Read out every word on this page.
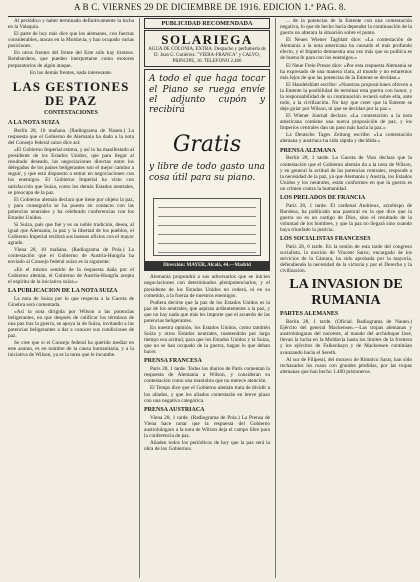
A B C. VIERNES 29 DE DICIEMBRE DE 1916. EDICION 1.ª PAG. 8.

Al periódico y haber terminado definitivamente la lucha en la Valaquia.

El parte de hoy más dice que los alemanes, con fuerzas considerables, atacan en la Moldavia, y han ocupado varias posiciones.

En otros frentes del frente del Este sólo hay tiroteos. Bombardeos, que pueden interpretarse como motores preparatorios de algún ataque.

En los demás frentes, nada interesante.

LAS GESTIONES DE PAZ
CONTESTACIONES
A LA NOTA SUIZA

Berlín 28, 10 mañana. (Radiograma de Nauen.) La respuesta que el Gobierno de Alemania ha dado a la nota del Consejo federal suizo dice así:

«El Gobierno Imperial estima, y así lo ha manifestado al presidente de los Estados Unidos, que para llegar al resultado deseado, las negociaciones directas entre los delegados de los países beligerantes son el mejor camino a seguir, y que está dispuesto a entrar en negociaciones con los enemigos. El Gobierno Imperial ha visto con satisfacción que Suiza, como los demás Estados neutrales, se preocupa de la paz.

El Gobierno alemán declara que tiene por objeto la paz, y para conseguirla se ha puesto en contacto con las potencias neutrales y ha celebrado conferencias con los Estados Unidos.

Si Suiza, país que fué y es su noble tradición, desea, al igual que Alemania, la paz y la libertad de los pueblos, el Gobierno Imperial recibirá sus buenos oficios con el mayor agrado.

Viena 28, 10 mañana. (Radiograma de Pola.) La contestación que el Gobierno de Austria-Hungría ha enviado al Consejo federal suizo es la siguiente:

«En el mismo sentido de la respuesta dada por el Gobierno alemán, el Gobierno de Austria-Hungría acepta el espíritu de la iniciativa suiza.»

LA PUBLICACION DE LA NOTA SUIZA

La nota de Suiza por lo que respecta a la Gaceta de Ginebra será comentada.

«Así la nota dirigida por Wilson a las potencias beligerantes, en que después de calificar los términos de una paz tras la guerra, se apoya la de Suiza, invitando a las potencias beligerantes a dar a conocer sus condiciones de paz.

Se cree que si el Consejo federal ha querido mediar en este asunto, es en nombre de la causa humanitaria, y a la iniciativa de Wilson, ya es la tarea que le incumbe.

PUBLICIDAD RECOMENDADA
SOLARIEGA
AGUA DE COLONIA, EXTRA. Despacho y perfumería de D. Juan G. Gutiérrez. "VIERA-FRANCA" y CALVO, PRINCIPE, 16. TELEFONO 2.466
A todo el que haga tocar el Piano se ruega envíe el adjunto cupón y recibirá
Gratis
y libre de todo gasto una cosa útil para su piano.
Dirección: MAYER, Alcalá, 44.—Madrid

Alemania propondrá a sus adversarios que se inicien negociaciones con determinados plenipotenciarios, y el presidente de los Estados Unidos no cederá, ni en su cometido, a la fuerza de nuestros enemigos.

Pudiera decirse que la paz de los Estados Unidos es la paz de los neutrales, que aspiran ardientemente a la paz, y que no hay nada que más les importe que el acuerdo de las potencias beligerantes.

En nuestra opinión, los Estados Unidos, como también Suiza y otros Estados neutrales, mantendrán por largo tiempo esa actitud, para que los Estados Unidos y la Suiza, que no se han ocupado de la guerra, hagan lo que deban hacer.

PRENSA FRANCESA

París 28, 1 tarde. Todos los diarios de París comentan la respuesta de Alemania a Wilson, y consideran su contestación como una maniobra que no merece atención.

El Temps dice que el Gobierno alemán trata de dividir a los aliados, y que los aliados contestarán en breve plazo con una negativa categórica.

PRENSA AUSTRIACA

Viena 28, 1 tarde. (Radiograma de Pola.) La Prensa de Viena hace notar que la respuesta del Gobierno austrohúngaro a la nota de Wilson deja el campo libre para la conferencia de paz.

Añaden todos los periódicos de hoy que la paz será la obra de los Gobiernos.

... de la potencias de la Entente con una contestación negativa, lo que de hecho haría depender la continuación de la guerra no alterara la situación sobre el punto.

El Neues Wiener Tagblatt dice: «La contestación de Alemania a la nota americana ha causado el más profundo efecto, y el Imperio demuestra una vez más que su política es de buena fe para con los enemigos.»

El Neue Freie Presse dice: «Por esta respuesta Alemania se ha expresado de una manera clara, al mundo y no estaremos más lejos de que las potencias de la Entente se decidan.»

El Handelsblatt escribe: «Nuestras proposiciones ofrecen a la Entente la posibilidad de terminar esta guerra con honor, y la responsabilidad de su continuación recaerá sobre ella, ante todo, a la civilización. No hay que creer que la Entente se deje guiar por Wilson, ni que se decidan por la paz.»

El Wiener Journal declara: «La contestación a la nota americana contiene una nueva proposición de paz, y los Imperios centrales dan un paso más hacia la paz.»

La Deutsche Tages Zeitung escribe: «La contestación alemana y austriaca ha sido rápida y decidida.»

PRENSA ALEMANA

Berlín 28, 1 tarde. La Gaceta de Voss declara que la contestación que el Gobierno alemán da a la nota de Wilson, y en general la actitud de las potencias centrales, responde a la necesidad de la paz, ya que Alemania y Austria, los Estados Unidos y los neutrales, están conformes en que la guerra es un crimen contra la humanidad.

LOS PRELADOS DE FRANCIA

París 28, 1 tarde. El cardenal Andrieux, arzobispo de Burdeos, ha publicado una pastoral en la que dice que la guerra no es un castigo de Dios, sino el resultado de la voluntad de los hombres, y que la paz no llegará sino cuando haya triunfado la justicia.

LOS SOCIALISTAS FRANCESES

París 28, 6 tarde. En la sesión de esta tarde del congreso socialista, la moción de Vincent Sarnc, encargado de los servicios de la Cámara, ha sido aprobada por la mayoría, defendiendo la necesidad de la victoria y por el Derecho y la civilización.

LA INVASION DE RUMANIA
PARTES ALEMANES

Berlín 28, 1 tarde. (Oficial. Radiograma de Nauen.) Ejército del general Mackensen.—Las tropas alemanas y austrohúngaras del noroeste, al mando del archiduque José, llevan la lucha en la Moldavia hasta los límites de la frontera y los ejércitos de Falkenhayn y de Mackensen continúan avanzando hacia el Sereth.

Al sur de Filipesti, del moravo de Rimnicu Sarat, han sido rechazados los rusos con grandes pérdidas, por las tropas alemanas que han hecho 1.400 prisioneros.
